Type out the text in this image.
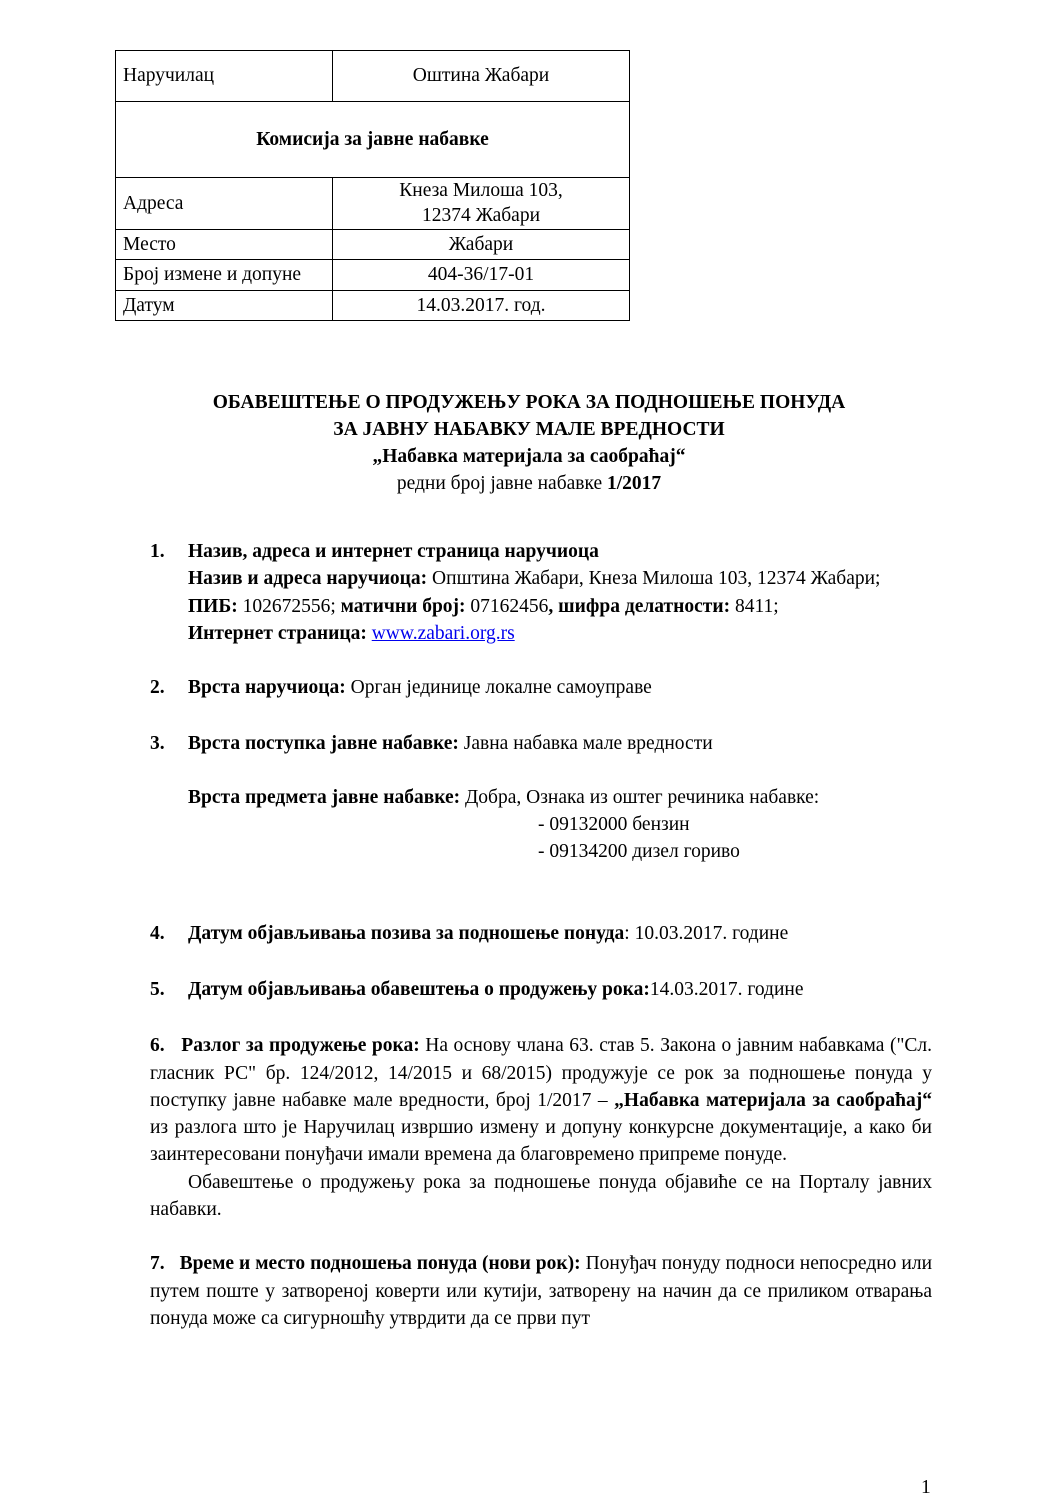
Наручилац	Оштина Жабари
Комисија за јавне набавке	
Адреса	Кнеза Милоша 103,
12374 Жабари
Место	Жабари
Број измене и допуне	404-36/17-01
Датум	14.03.2017. год.
ОБАВЕШТЕЊЕ О ПРОДУЖЕЊУ РОКА ЗА ПОДНОШЕЊЕ ПОНУДА
ЗА ЈАВНУ НАБАВКУ МАЛЕ ВРЕДНОСТИ
„Набавка материјала за саобраћај“
редни број јавне набавке 1/2017
1. Назив, адреса и интернет страница наручиоца
Назив и адреса наручиоца: Општина Жабари, Кнеза Милоша 103, 12374 Жабари;
ПИБ: 102672556; матични број: 07162456, шифра делатности: 8411;
Интернет страница: www.zabari.org.rs
2. Врста наручиоца: Орган јединице локалне самоуправе
3. Врста поступка јавне набавке: Јавна набавка мале вредности
Врста предмета јавне набавке: Добра, Ознака из оштег речиника набавке:
- 09132000 бензин
- 09134200 дизел гориво
4. Датум објављивања позива за подношење понуда: 10.03.2017. године
5. Датум објављивања обавештења о продужењу рока:14.03.2017. године
6. Разлог за продужење рока: На основу члана 63. став 5. Закона о јавним набавкама ("Сл. гласник РС" бр. 124/2012, 14/2015 и 68/2015) продужује се рок за подношење понуда у поступку јавне набавке мале вредности, број 1/2017 – „Набавка материјала за саобраћај“ из разлога што је Наручилац извршио измену и допуну конкурсне документације, а како би заинтересовани понуђачи имали времена да благовремено припреме понуде.
Обавештење о продужењу рока за подношење понуда објавиће се на Порталу јавних набавки.
7. Време и место подношења понуда (нови рок): Понуђач понуду подноси непосредно или путем поште у затвореној коверти или кутији, затворену на начин да се приликом отварања понуда може са сигурношћу утврдити да се први пут
1
